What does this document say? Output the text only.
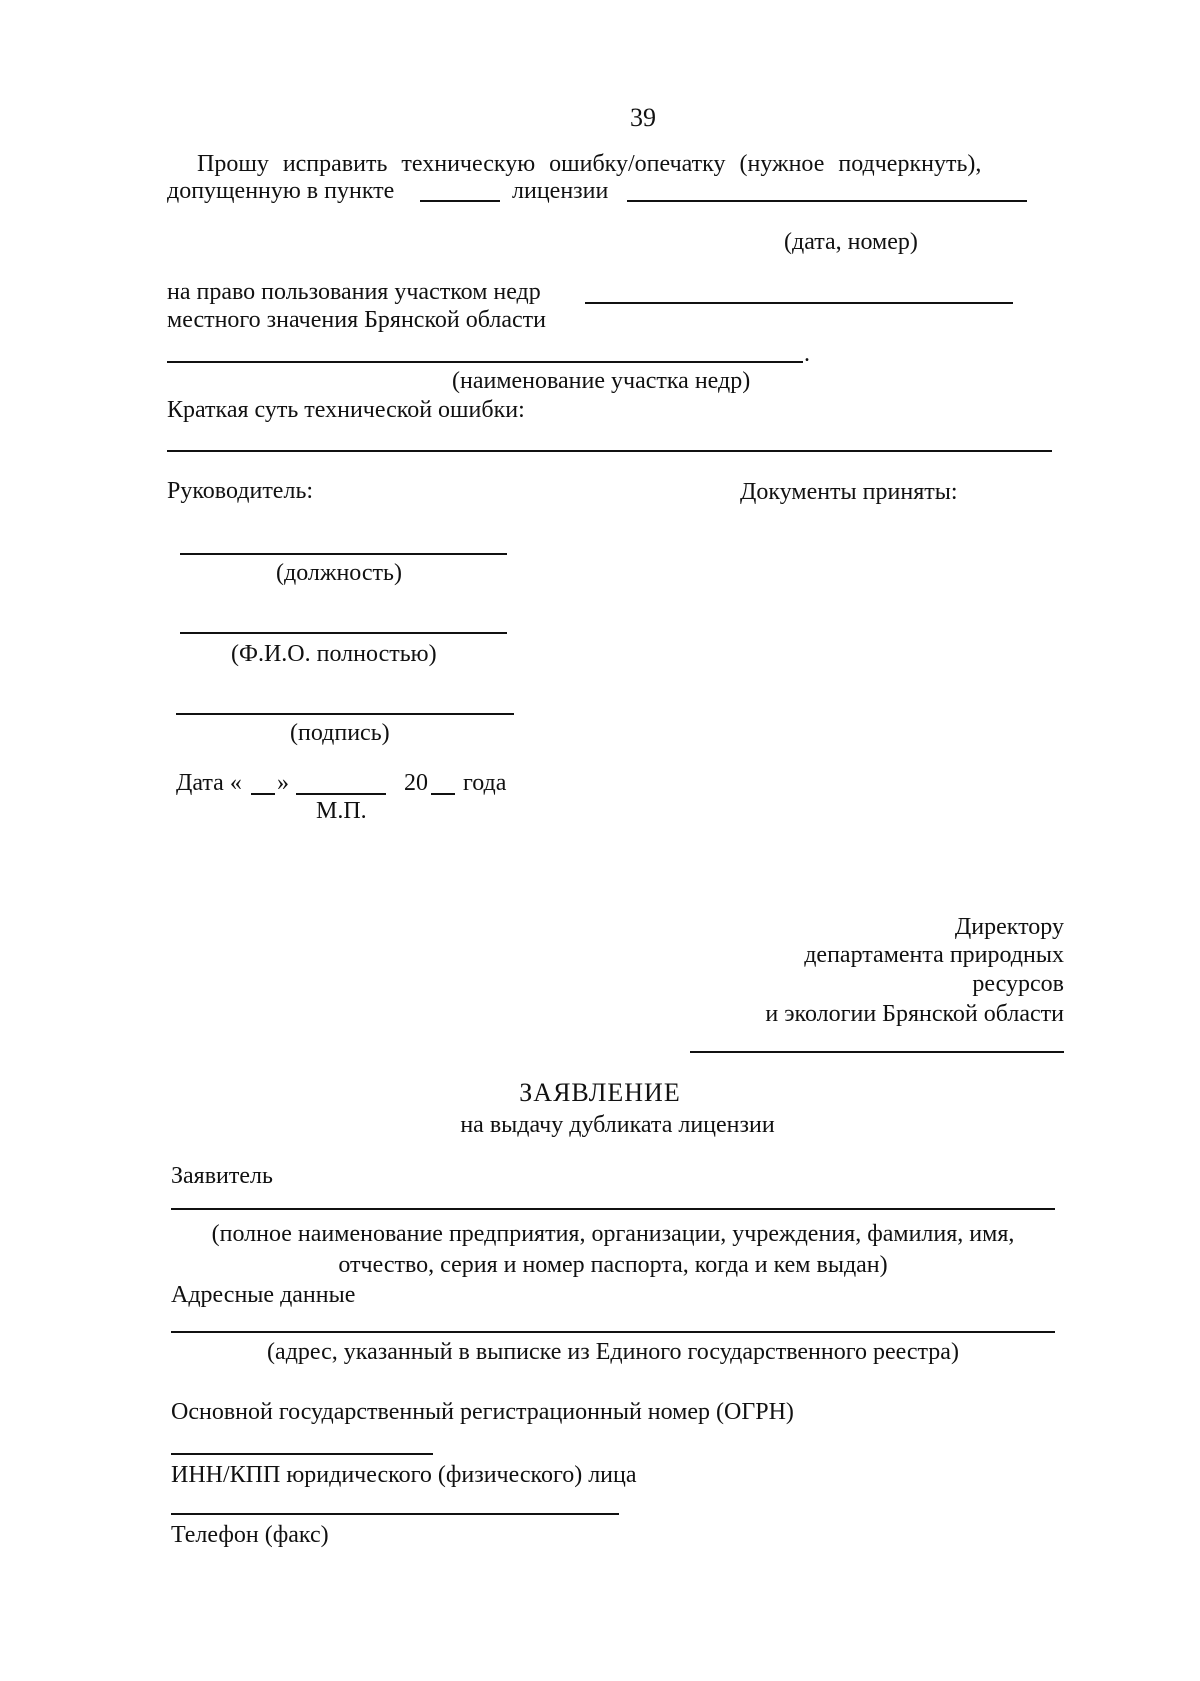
39
Прошу исправить техническую ошибку/опечатку (нужное подчеркнуть),
допущенную в пункте	лицензии
(дата, номер)
на право пользования участком недр
местного значения Брянской области
.
(наименование участка недр)
Краткая суть технической ошибки:
Руководитель:	Документы приняты:
(должность)
(Ф.И.О. полностью)
(подпись)
Дата « »	20 года
М.П.
Директору
департамента природных
ресурсов
и экологии Брянской области
ЗАЯВЛЕНИЕ
на выдачу дубликата лицензии
Заявитель
(полное наименование предприятия, организации, учреждения, фамилия, имя,
отчество, серия и номер паспорта, когда и кем выдан)
Адресные данные
(адрес, указанный в выписке из Единого государственного реестра)
Основной государственный регистрационный номер (ОГРН)
ИНН/КПП юридического (физического) лица
Телефон (факс)
